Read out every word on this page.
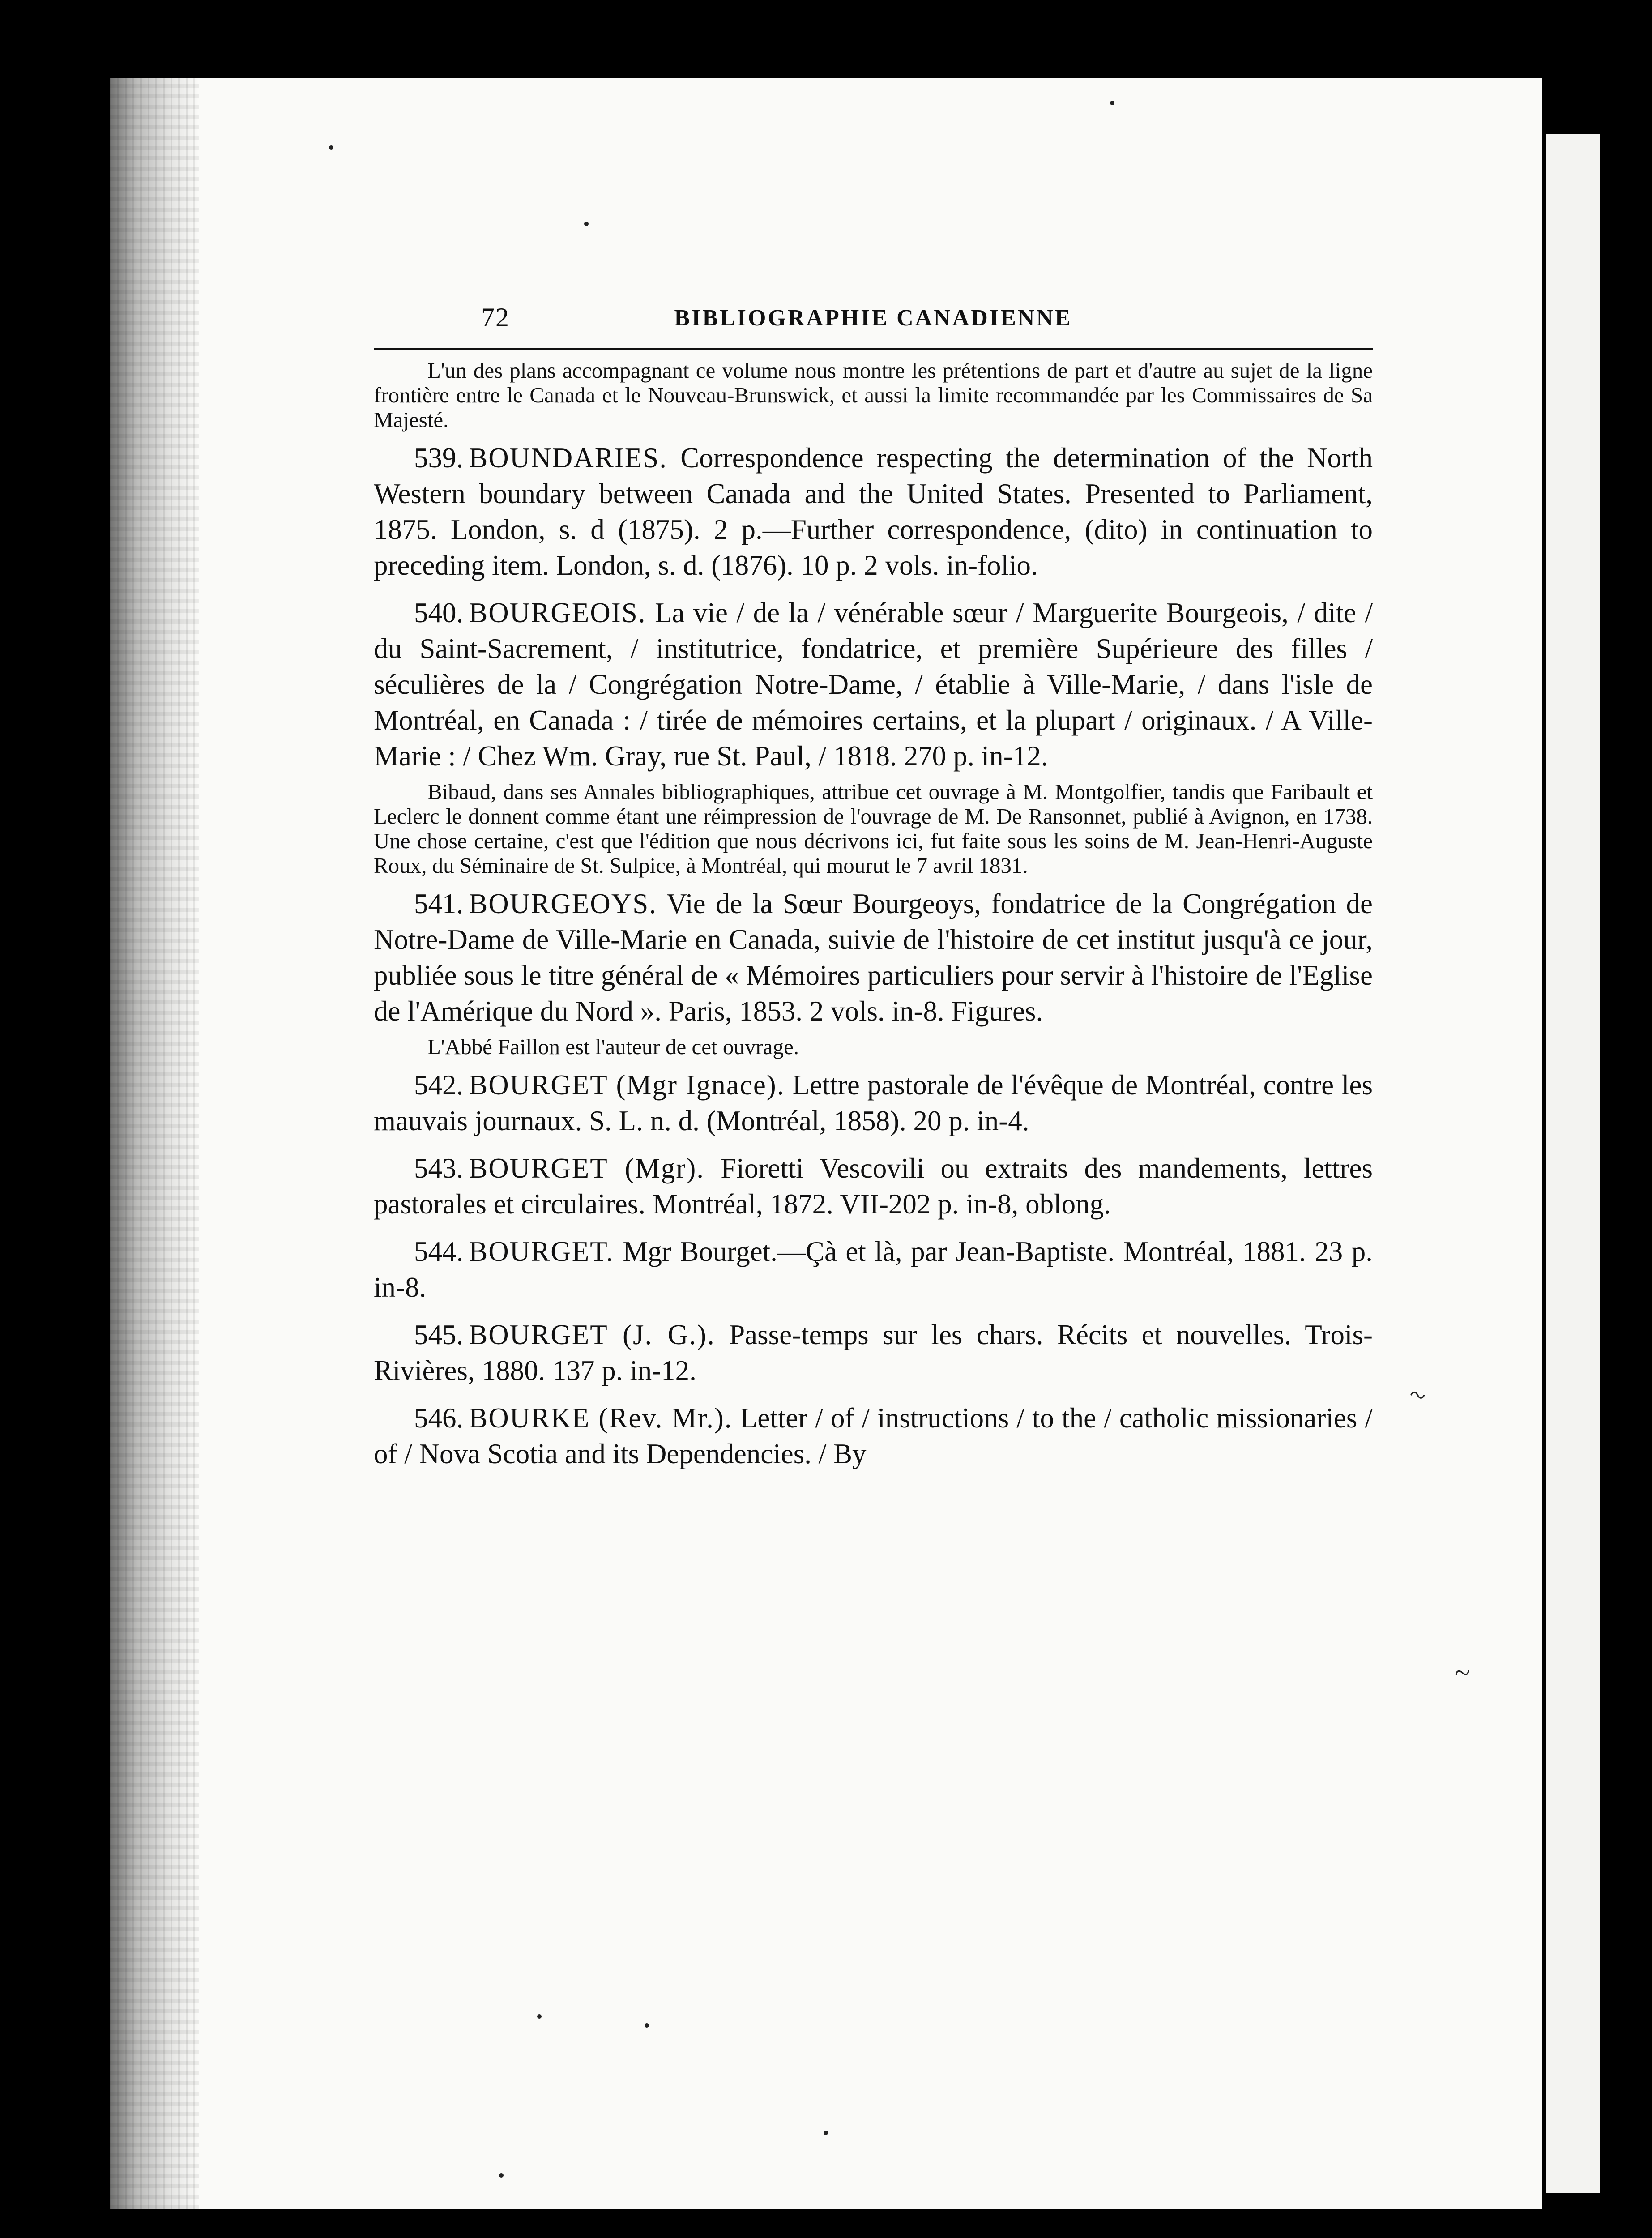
72	BIBLIOGRAPHIE CANADIENNE

L'un des plans accompagnant ce volume nous montre les prétentions de part et d'autre au sujet de la ligne frontière entre le Canada et le Nouveau-Brunswick, et aussi la limite recommandée par les Commissaires de Sa Majesté.

539. BOUNDARIES. Correspondence respecting the determination of the North Western boundary between Canada and the United States. Presented to Parliament, 1875. London, s. d (1875). 2 p.—Further correspondence, (dito) in continuation to preceding item. London, s. d. (1876). 10 p. 2 vols. in-folio.

540. BOURGEOIS. La vie / de la / vénérable sœur / Marguerite Bourgeois, / dite / du Saint-Sacrement, / institutrice, fondatrice, et première Supérieure des filles / séculières de la / Congrégation Notre-Dame, / établie à Ville-Marie, / dans l'isle de Montréal, en Canada : / tirée de mémoires certains, et la plupart / originaux. / A Ville-Marie : / Chez Wm. Gray, rue St. Paul, / 1818. 270 p. in-12.

Bibaud, dans ses Annales bibliographiques, attribue cet ouvrage à M. Montgolfier, tandis que Faribault et Leclerc le donnent comme étant une réimpression de l'ouvrage de M. De Ransonnet, publié à Avignon, en 1738. Une chose certaine, c'est que l'édition que nous décrivons ici, fut faite sous les soins de M. Jean-Henri-Auguste Roux, du Séminaire de St. Sulpice, à Montréal, qui mourut le 7 avril 1831.

541. BOURGEOYS. Vie de la Sœur Bourgeoys, fondatrice de la Congrégation de Notre-Dame de Ville-Marie en Canada, suivie de l'histoire de cet institut jusqu'à ce jour, publiée sous le titre général de « Mémoires particuliers pour servir à l'histoire de l'Eglise de l'Amérique du Nord ». Paris, 1853. 2 vols. in-8. Figures.

L'Abbé Faillon est l'auteur de cet ouvrage.

542. BOURGET (Mgr Ignace). Lettre pastorale de l'évêque de Montréal, contre les mauvais journaux. S. L. n. d. (Montréal, 1858). 20 p. in-4.

543. BOURGET (Mgr). Fioretti Vescovili ou extraits des mandements, lettres pastorales et circulaires. Montréal, 1872. VII-202 p. in-8, oblong.

544. BOURGET. Mgr Bourget.—Çà et là, par Jean-Baptiste. Montréal, 1881. 23 p. in-8.

545. BOURGET (J. G.). Passe-temps sur les chars. Récits et nouvelles. Trois-Rivières, 1880. 137 p. in-12.

546. BOURKE (Rev. Mr.). Letter / of / instructions / to the / catholic missionaries / of / Nova Scotia and its Dependencies. / By

~
~
